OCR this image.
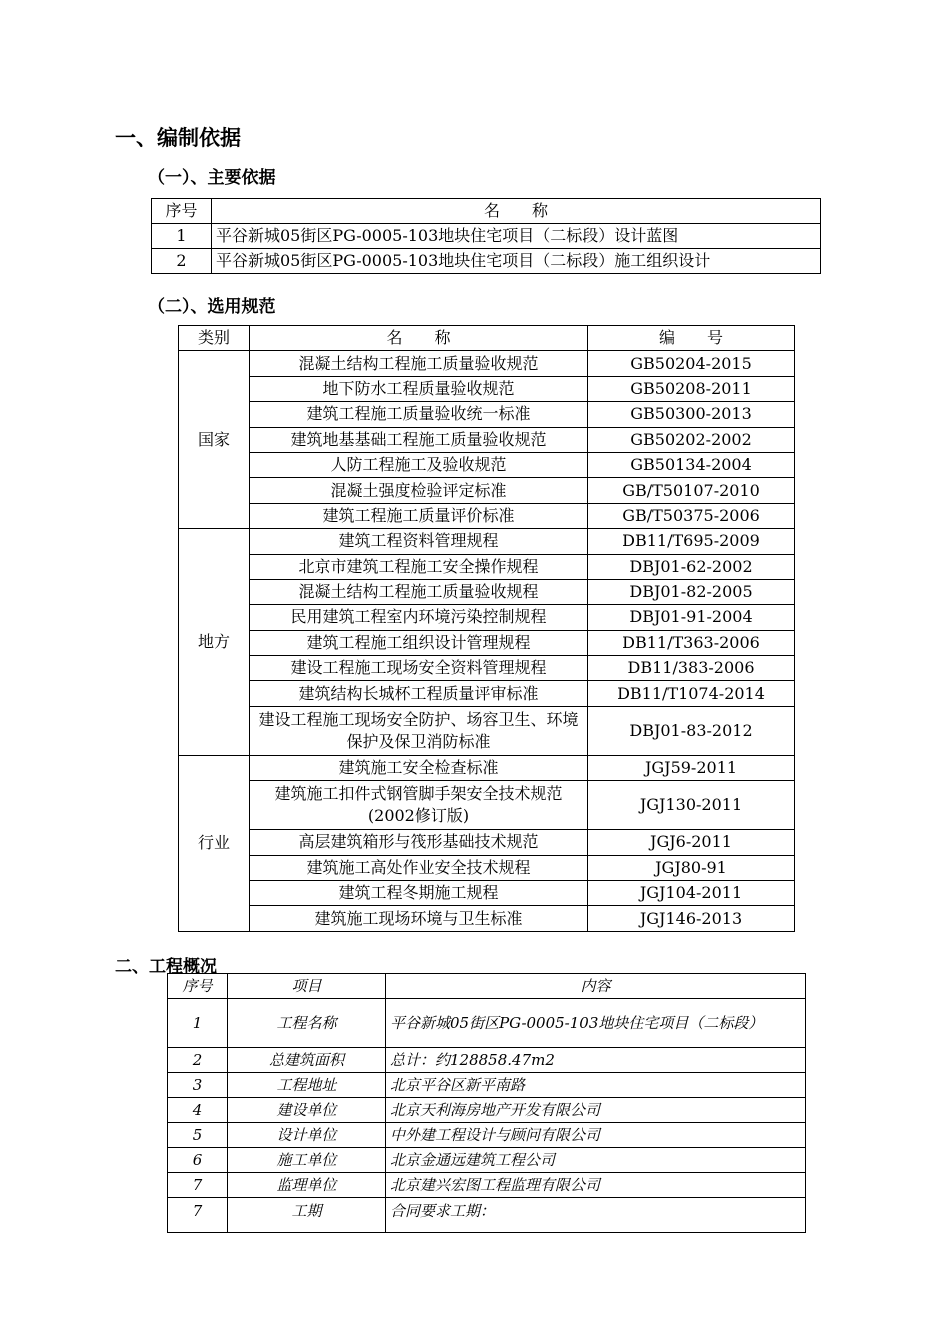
一、编制依据
（一）、主要依据
序号	名　　称
1	平谷新城05街区PG-0005-103地块住宅项目（二标段）设计蓝图
2	平谷新城05街区PG-0005-103地块住宅项目（二标段）施工组织设计
（二）、选用规范
类别	名　　称	编　　号
国家	混凝土结构工程施工质量验收规范	GB50204-2015
	地下防水工程质量验收规范	GB50208-2011
	建筑工程施工质量验收统一标准	GB50300-2013
	建筑地基基础工程施工质量验收规范	GB50202-2002
	人防工程施工及验收规范	GB50134-2004
	混凝土强度检验评定标准	GB/T50107-2010
	建筑工程施工质量评价标准	GB/T50375-2006
地方	建筑工程资料管理规程	DB11/T695-2009
	北京市建筑工程施工安全操作规程	DBJ01-62-2002
	混凝土结构工程施工质量验收规程	DBJ01-82-2005
	民用建筑工程室内环境污染控制规程	DBJ01-91-2004
	建筑工程施工组织设计管理规程	DB11/T363-2006
	建设工程施工现场安全资料管理规程	DB11/383-2006
	建筑结构长城杯工程质量评审标准	DB11/T1074-2014
	建设工程施工现场安全防护、场容卫生、环境保护及保卫消防标准	DBJ01-83-2012
行业	建筑施工安全检查标准	JGJ59-2011
	建筑施工扣件式钢管脚手架安全技术规范(2002修订版)	JGJ130-2011
	高层建筑箱形与筏形基础技术规范	JGJ6-2011
	建筑施工高处作业安全技术规程	JGJ80-91
	建筑工程冬期施工规程	JGJ104-2011
	建筑施工现场环境与卫生标准	JGJ146-2013
二、工程概况
序号	项目	内容
1	工程名称	平谷新城05街区PG-0005-103地块住宅项目（二标段）
2	总建筑面积	总计：约128858.47m2
3	工程地址	北京平谷区新平南路
4	建设单位	北京天利海房地产开发有限公司
5	设计单位	中外建工程设计与顾问有限公司
6	施工单位	北京金通远建筑工程公司
7	监理单位	北京建兴宏图工程监理有限公司
7	工期	合同要求工期：
